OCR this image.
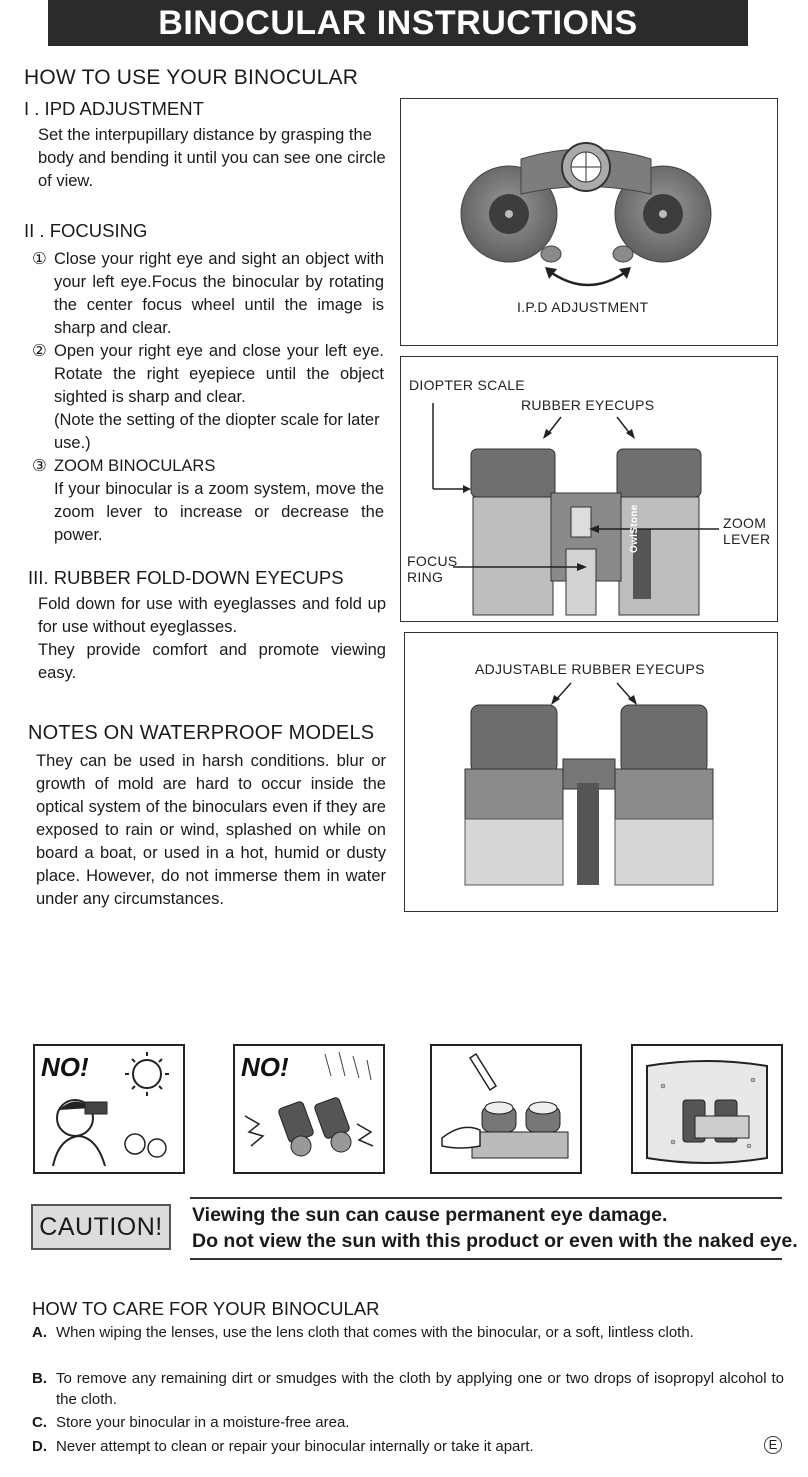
BINOCULAR INSTRUCTIONS
HOW TO USE YOUR BINOCULAR
I . IPD ADJUSTMENT
Set the interpupillary distance by grasping the body and bending it until you can see one circle of view.
II . FOCUSING
① Close your right eye and sight an object with your left eye.Focus the binocular by rotating the center focus wheel until the image is sharp and clear.
② Open your right eye and close your left eye. Rotate the right eyepiece until the object sighted is sharp and clear.
(Note the setting of the diopter scale for later use.)
③ ZOOM BINOCULARS
If your binocular is a zoom system, move the zoom lever to increase or decrease the power.
III. RUBBER FOLD-DOWN EYECUPS

Fold down for use with eyeglasses and fold up for use without eyeglasses.

They provide comfort and promote viewing easy.

NOTES ON WATERPROOF MODELS
They can be used in harsh conditions. blur or growth of mold are hard to occur inside the optical system of the binoculars even if they are exposed to rain or wind, splashed on while on board a boat, or used in a hot, humid or dusty place. However, do not immerse them in water under any circumstances.
I.P.D ADJUSTMENT
DIOPTER SCALE
RUBBER EYECUPS
ZOOM
LEVER
FOCUS
RING
OwlStone
ADJUSTABLE RUBBER EYECUPS
NO!	NO!
CAUTION!	Viewing the sun can cause permanent eye damage.
Do not view the sun with this product or even with the naked eye.
HOW TO CARE FOR YOUR BINOCULAR
A. When wiping the lenses, use the lens cloth that comes with the binocular, or a soft, lintless cloth.
B. To remove any remaining dirt or smudges with the cloth by applying one or two drops of isopropyl alcohol to the cloth.
C. Store your binocular in a moisture-free area.
D. Never attempt to clean or repair your binocular internally or take it apart.	E
